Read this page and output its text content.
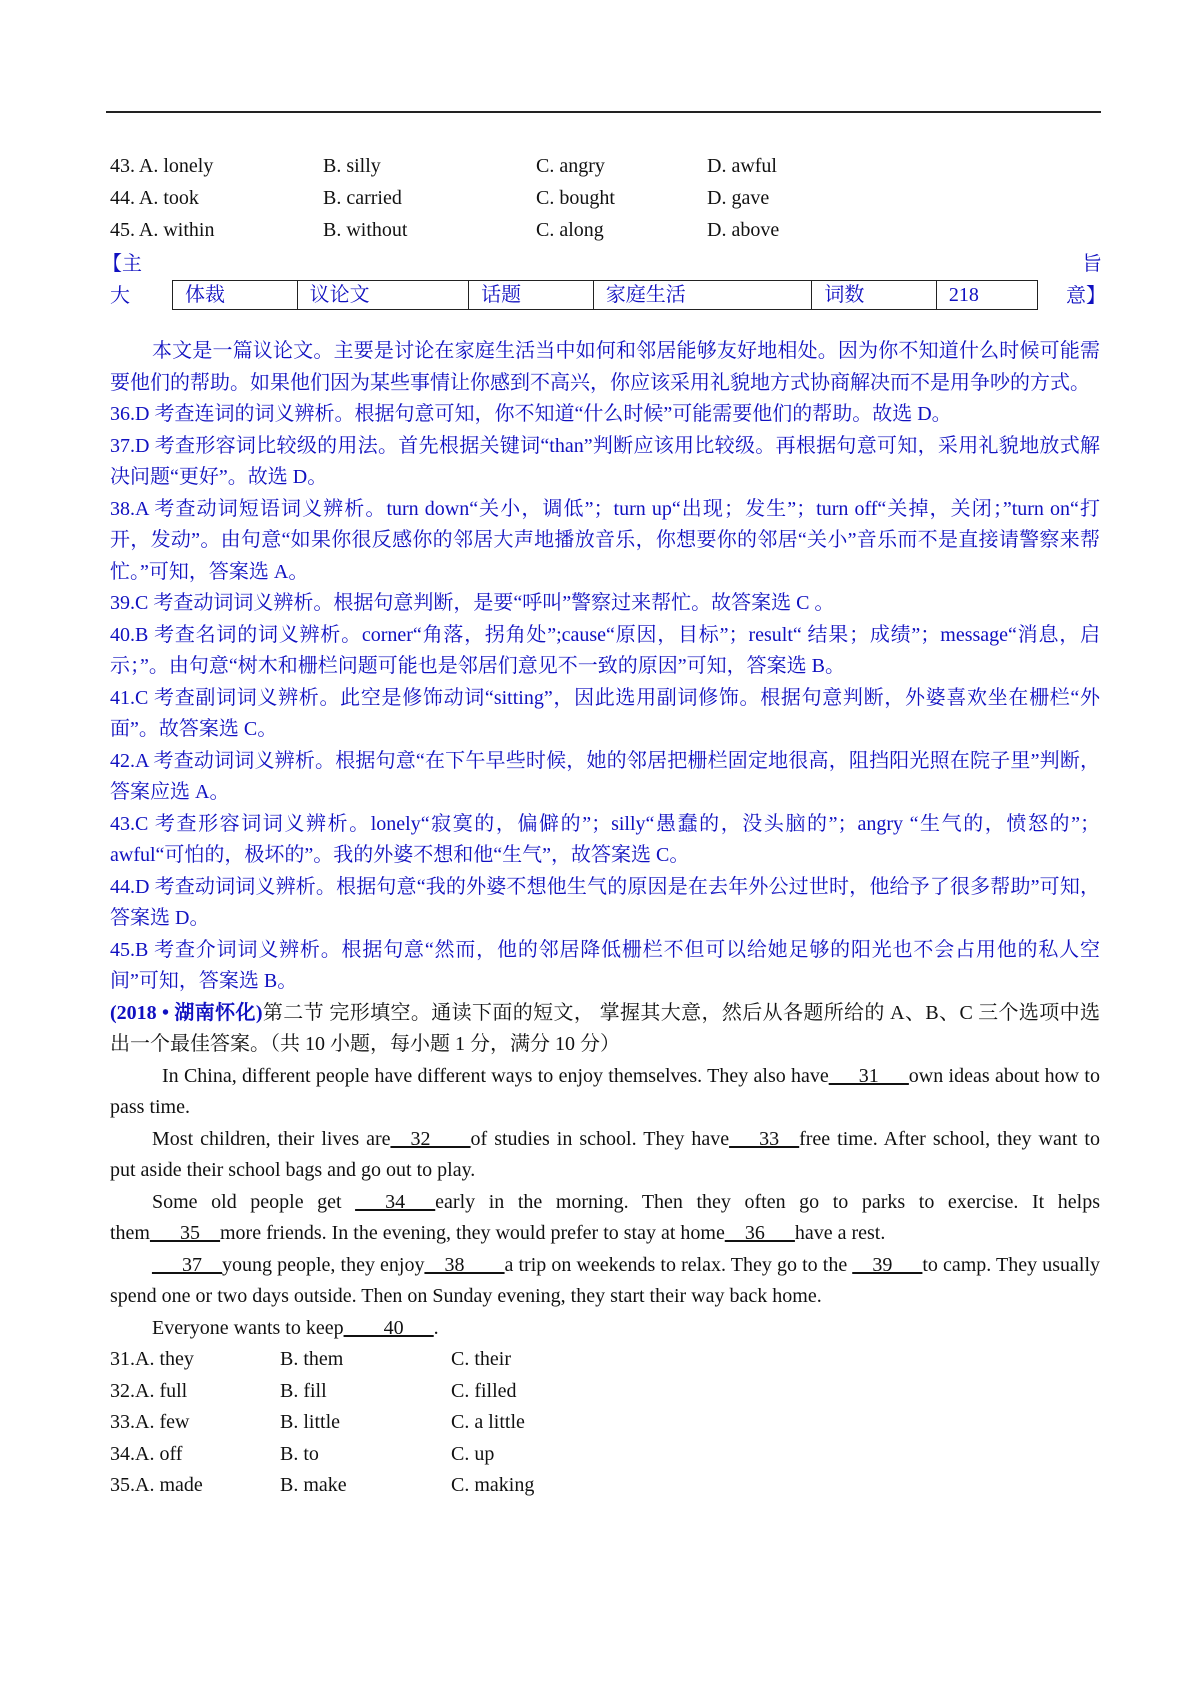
43. A. lonely	B. silly	C. angry	D. awful
44. A. took	B. carried	C. bought	D. gave
45. A. within	B. without	C. along	D. above
【主
大
旨
意】
体裁	议论文	话题	家庭生活	词数	218

本文是一篇议论文。主要是讨论在家庭生活当中如何和邻居能够友好地相处。因为你不知道什么时候可能需要他们的帮助。如果他们因为某些事情让你感到不高兴，你应该采用礼貌地方式协商解决而不是用争吵的方式。

36.D 考查连词的词义辨析。根据句意可知，你不知道“什么时候”可能需要他们的帮助。故选 D。

37.D 考查形容词比较级的用法。首先根据关键词“than”判断应该用比较级。再根据句意可知，采用礼貌地放式解决问题“更好”。故选 D。

38.A 考查动词短语词义辨析。turn down“关小，调低”；turn up“出现；发生”；turn off“关掉，关闭；”turn on“打开，发动”。由句意“如果你很反感你的邻居大声地播放音乐，你想要你的邻居“关小”音乐而不是直接请警察来帮忙。”可知，答案选 A。

39.C 考查动词词义辨析。根据句意判断，是要“呼叫”警察过来帮忙。故答案选 C 。

40.B 考查名词的词义辨析。corner“角落，拐角处”;cause“原因，目标”；result“ 结果；成绩”；message“消息，启示；”。由句意“树木和栅栏问题可能也是邻居们意见不一致的原因”可知，答案选 B。

41.C 考查副词词义辨析。此空是修饰动词“sitting”，因此选用副词修饰。根据句意判断，外婆喜欢坐在栅栏“外面”。故答案选 C。

42.A 考查动词词义辨析。根据句意“在下午早些时候，她的邻居把栅栏固定地很高，阻挡阳光照在院子里”判断，答案应选 A。

43.C 考查形容词词义辨析。lonely“寂寞的，偏僻的”；silly“愚蠢的，没头脑的”；angry “生气的，愤怒的”；awful“可怕的，极坏的”。我的外婆不想和他“生气”，故答案选 C。

44.D 考查动词词义辨析。根据句意“我的外婆不想他生气的原因是在去年外公过世时，他给予了很多帮助”可知，答案选 D。

45.B 考查介词词义辨析。根据句意“然而，他的邻居降低栅栏不但可以给她足够的阳光也不会占用他的私人空间”可知，答案选 B。

(2018 • 湖南怀化)第二节 完形填空。通读下面的短文， 掌握其大意，然后从各题所给的 A、B、C 三个选项中选出一个最佳答案。（共 10 小题，每小题 1 分，满分 10 分）

In China, different people have different ways to enjoy themselves. They also have___31___own ideas about how to pass time.

Most children, their lives are__32____of studies in school. They have___33__free time. After school, they want to put aside their school bags and go out to play.

Some old people get ___34___early in the morning. Then they often go to parks to exercise. It helps them___35__more friends. In the evening, they would prefer to stay at home__36___have a rest.

___37__young people, they enjoy__38____a trip on weekends to relax. They go to the __39___to camp. They usually spend one or two days outside. Then on Sunday evening, they start their way back home.

Everyone wants to keep____40___.

31.A. they	B. them	C. their
32.A. full	B. fill	C. filled
33.A. few	B. little	C. a little
34.A. off	B. to	C. up
35.A. made	B. make	C. making
